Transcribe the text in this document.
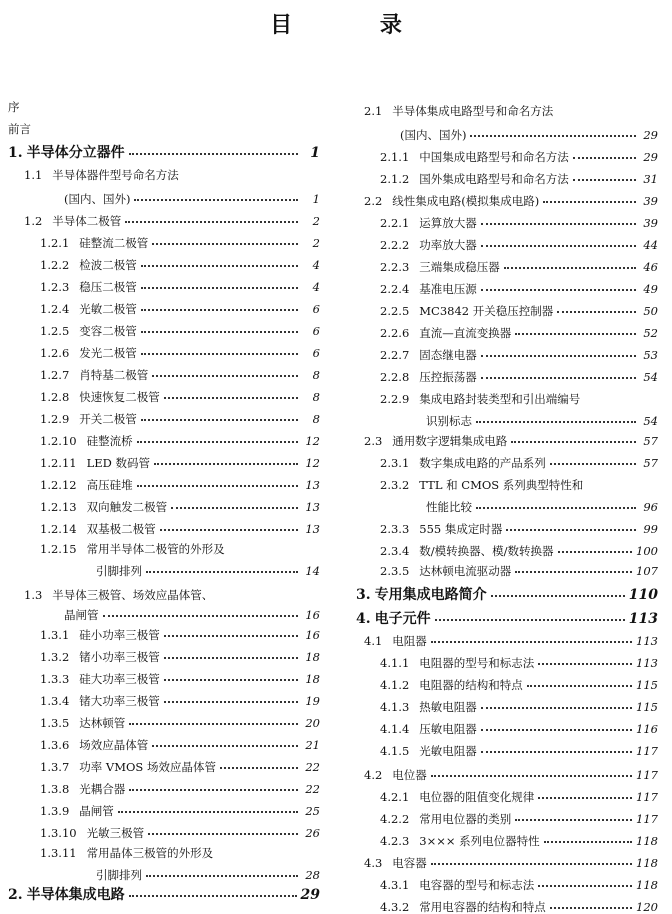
目 录
序
前言
1. 半导体分立器件	1
1.1 半导体器件型号命名方法
(国内、国外)	1
1.2 半导体二极管	2
1.2.1 硅整流二极管	2
1.2.2 检波二极管	4
1.2.3 稳压二极管	4
1.2.4 光敏二极管	6
1.2.5 变容二极管	6
1.2.6 发光二极管	6
1.2.7 肖特基二极管	8
1.2.8 快速恢复二极管	8
1.2.9 开关二极管	8
1.2.10 硅整流桥	12
1.2.11 LED 数码管	12
1.2.12 高压硅堆	13
1.2.13 双向触发二极管	13
1.2.14 双基极二极管	13
1.2.15 常用半导体二极管的外形及
引脚排列	14
1.3 半导体三极管、场效应晶体管、
晶闸管	16
1.3.1 硅小功率三极管	16
1.3.2 锗小功率三极管	18
1.3.3 硅大功率三极管	18
1.3.4 锗大功率三极管	19
1.3.5 达林顿管	20
1.3.6 场效应晶体管	21
1.3.7 功率 VMOS 场效应晶体管	22
1.3.8 光耦合器	22
1.3.9 晶闸管	25
1.3.10 光敏三极管	26
1.3.11 常用晶体三极管的外形及
引脚排列	28
2. 半导体集成电路	29
2.1 半导体集成电路型号和命名方法
(国内、国外)	29
2.1.1 中国集成电路型号和命名方法	29
2.1.2 国外集成电路型号和命名方法	31
2.2 线性集成电路(模拟集成电路)	39
2.2.1 运算放大器	39
2.2.2 功率放大器	44
2.2.3 三端集成稳压器	46
2.2.4 基准电压源	49
2.2.5 MC3842 开关稳压控制器	50
2.2.6 直流—直流变换器	52
2.2.7 固态继电器	53
2.2.8 压控振荡器	54
2.2.9 集成电路封装类型和引出端编号
识别标志	54
2.3 通用数字逻辑集成电路	57
2.3.1 数字集成电路的产品系列	57
2.3.2 TTL 和 CMOS 系列典型特性和
性能比较	96
2.3.3 555 集成定时器	99
2.3.4 数/模转换器、模/数转换器	100
2.3.5 达林顿电流驱动器	107
3. 专用集成电路简介	110
4. 电子元件	113
4.1 电阻器	113
4.1.1 电阻器的型号和标志法	113
4.1.2 电阻器的结构和特点	115
4.1.3 热敏电阻器	115
4.1.4 压敏电阻器	116
4.1.5 光敏电阻器	117
4.2 电位器	117
4.2.1 电位器的阻值变化规律	117
4.2.2 常用电位器的类别	117
4.2.3 3××× 系列电位器特性	118
4.3 电容器	118
4.3.1 电容器的型号和标志法	118
4.3.2 常用电容器的结构和特点	120
